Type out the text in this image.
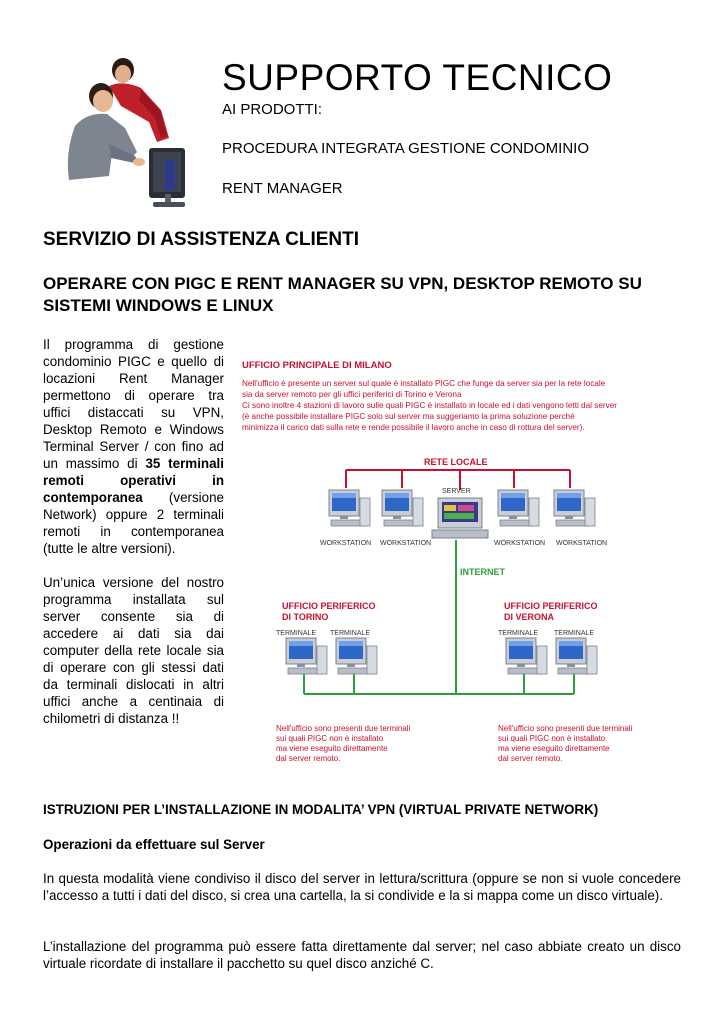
SUPPORTO TECNICO
AI PRODOTTI:
PROCEDURA INTEGRATA GESTIONE CONDOMINIO
RENT MANAGER
SERVIZIO DI ASSISTENZA CLIENTI
OPERARE CON PIGC E RENT MANAGER SU VPN, DESKTOP REMOTO SU SISTEMI WINDOWS E LINUX

Il programma di gestione condominio PIGC e quello di locazioni Rent Manager permettono di operare tra uffici distaccati su VPN, Desktop Remoto e Windows Terminal Server / con fino ad un massimo di 35 terminali remoti operativi in contemporanea (versione Network) oppure 2 terminali remoti in contemporanea (tutte le altre versioni).

Un’unica versione del nostro programma installata sul server consente sia di accedere ai dati sia dai computer della rete locale sia di operare con gli stessi dati da terminali dislocati in altri uffici anche a centinaia di chilometri di distanza !!

UFFICIO PRINCIPALE DI MILANO
Nell'ufficio è presente un server sul quale è installato PIGC che funge da server sia per la rete locale
sia da server remoto per gli uffici periferici di Torino e Verona
Ci sono inoltre 4 stazioni di lavoro sulle quali PIGC è installato in locale ed i dati vengono letti dal server
(è anche possibile installare PIGC solo sul server ma suggeriamo la prima soluzione perché
minimizza il carico dati sulla rete e rende possibile il lavoro anche in caso di rottura del server).
RETE LOCALE
WORKSTATION WORKSTATION	WORKSTATION WORKSTATION
SERVER
INTERNET
UFFICIO PERIFERICO
DI TORINO
TERMINALE TERMINALE
UFFICIO PERIFERICO
DI VERONA
TERMINALE TERMINALE
Nell'ufficio sono presenti due terminali
sui quali PIGC non è installato
ma viene eseguito direttamente
dal server remoto.
Nell'ufficio sono presenti due terminali
sui quali PIGC non è installato
ma viene eseguito direttamente
dal server remoto.
ISTRUZIONI PER L’INSTALLAZIONE IN MODALITA’ VPN (VIRTUAL PRIVATE NETWORK)
Operazioni da effettuare sul Server
In questa modalità viene condiviso il disco del server in lettura/scrittura (oppure se non si vuole concedere l’accesso a tutti i dati del disco, si crea una cartella, la si condivide e la si mappa come un disco virtuale).
L’installazione del programma può essere fatta direttamente dal server; nel caso abbiate creato un disco virtuale ricordate di installare il pacchetto su quel disco anziché C.
